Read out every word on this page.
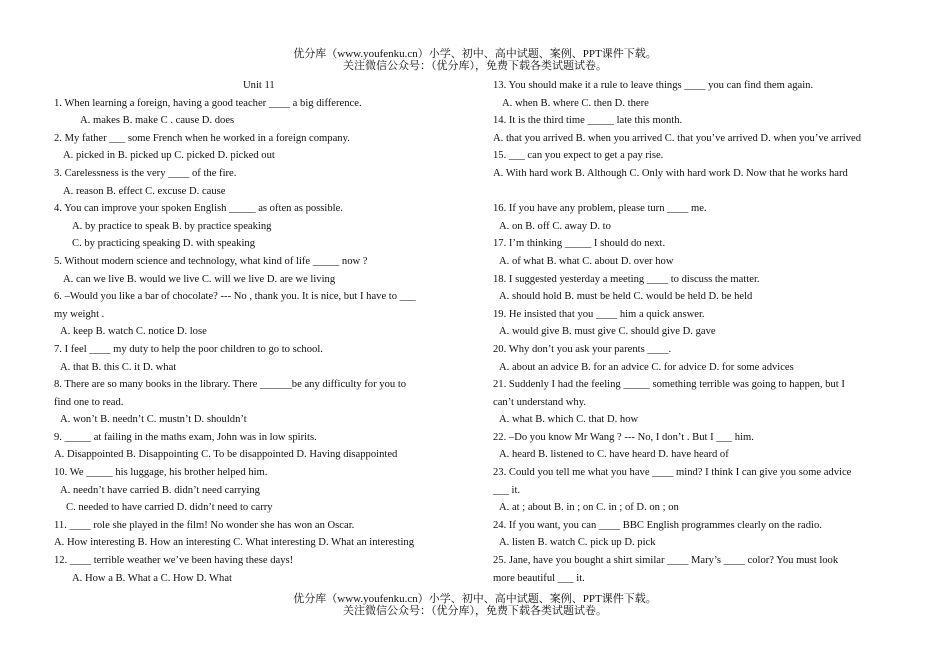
优分库（www.youfenku.cn）小学、初中、高中试题、案例、PPT课件下载。
关注微信公众号：（优分库），免费下载各类试题试卷。
Unit 11
1. When learning a foreign, having a good teacher ____ a big difference.
A. makes B. make C . cause D. does
2. My father ___ some French when he worked in a foreign company.
A. picked in B. picked up C. picked D. picked out
3. Carelessness is the very ____ of the fire.
A. reason B. effect C. excuse D. cause
4. You can improve your spoken English _____ as often as possible.
A. by practice to speak B. by practice speaking
C. by practicing speaking D. with speaking
5. Without modern science and technology, what kind of life _____ now ?
A. can we live B. would we live C. will we live D. are we living
6. –Would you like a bar of chocolate? --- No , thank you. It is nice, but I have to ___
my weight .
A. keep B. watch C. notice D. lose
7. I feel ____ my duty to help the poor children to go to school.
A. that B. this C. it D. what
8. There are so many books in the library. There ______be any difficulty for you to
find one to read.
A. won’t B. needn’t C. mustn’t D. shouldn’t
9. _____ at failing in the maths exam, John was in low spirits.
A. Disappointed B. Disappointing C. To be disappointed D. Having disappointed
10. We _____ his luggage, his brother helped him.
A. needn’t have carried B. didn’t need carrying
C. needed to have carried D. didn’t need to carry
11. ____ role she played in the film! No wonder she has won an Oscar.
A. How interesting B. How an interesting C. What interesting D. What an interesting
12. ____ terrible weather we’ve been having these days!
A. How a B. What a C. How D. What
13. You should make it a rule to leave things ____ you can find them again.
A. when B. where C. then D. there
14. It is the third time _____ late this month.
A. that you arrived B. when you arrived C. that you’ve arrived D. when you’ve arrived
15. ___ can you expect to get a pay rise.
A. With hard work B. Although C. Only with hard work D. Now that he works hard
16. If you have any problem, please turn ____ me.
A. on B. off C. away D. to
17. I’m thinking _____ I should do next.
A. of what B. what C. about D. over how
18. I suggested yesterday a meeting ____ to discuss the matter.
A. should hold B. must be held C. would be held D. be held
19. He insisted that you ____ him a quick answer.
A. would give B. must give C. should give D. gave
20. Why don’t you ask your parents ____.
A. about an advice B. for an advice C. for advice D. for some advices
21. Suddenly I had the feeling _____ something terrible was going to happen, but I
can’t understand why.
A. what B. which C. that D. how
22. –Do you know Mr Wang ? --- No, I don’t . But I ___ him.
A. heard B. listened to C. have heard D. have heard of
23. Could you tell me what you have ____ mind? I think I can give you some advice
___ it.
A. at ; about B. in ; on C. in ; of D. on ; on
24. If you want, you can ____ BBC English programmes clearly on the radio.
A. listen B. watch C. pick up D. pick
25. Jane, have you bought a shirt similar ____ Mary’s ____ color? You must look
more beautiful ___ it.
优分库（www.youfenku.cn）小学、初中、高中试题、案例、PPT课件下载。
关注微信公众号：（优分库），免费下载各类试题试卷。
